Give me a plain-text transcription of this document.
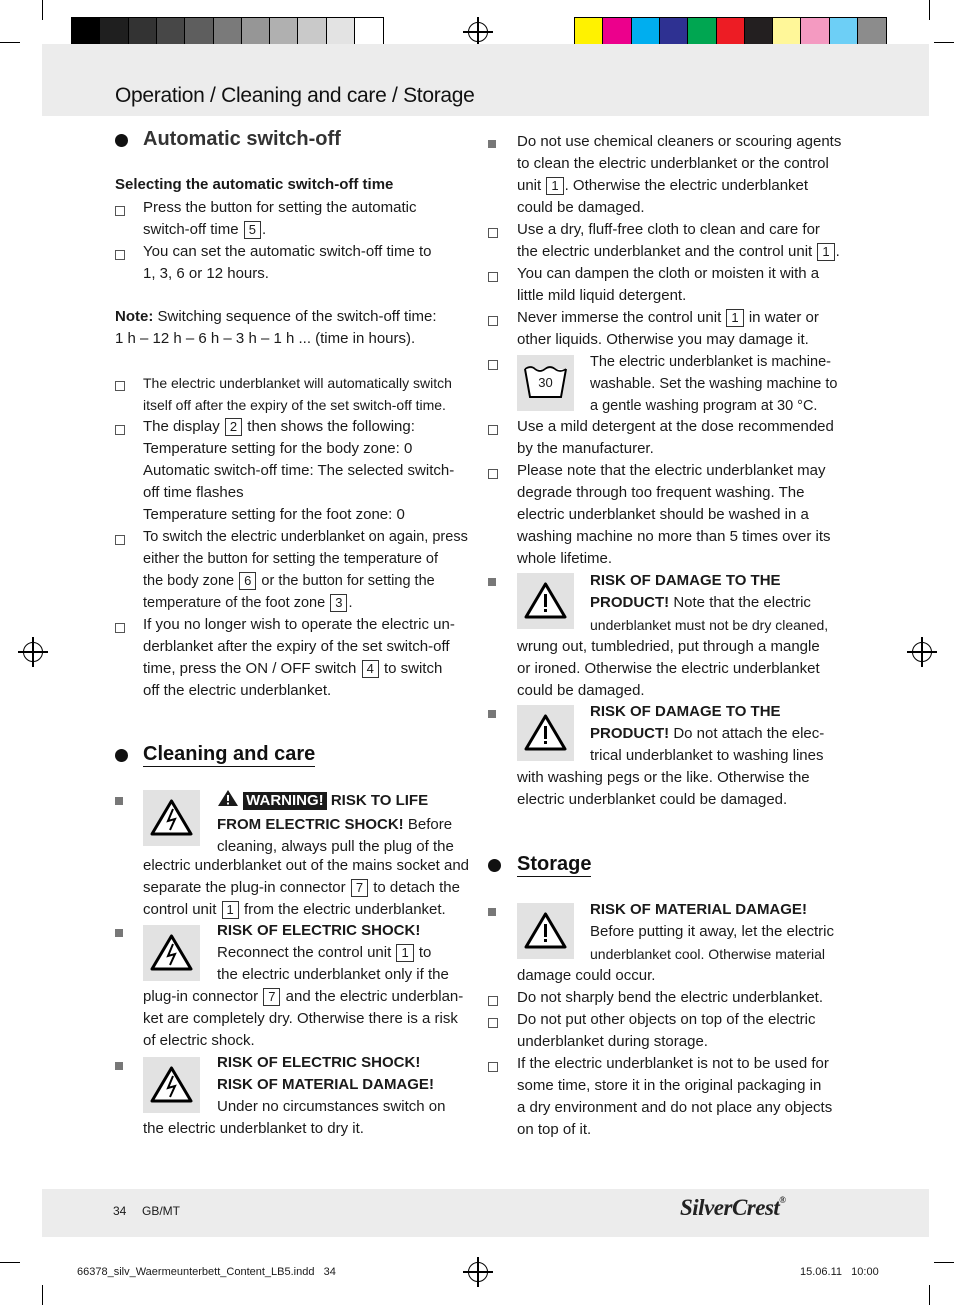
Operation / Cleaning and care / Storage
Automatic switch-off
Selecting the automatic switch-off time
Press the button for setting the automatic
switch-off time 5 .
You can set the automatic switch-off time to
1, 3, 6 or 12 hours.
Note: Switching sequence of the switch-off time:
1 h – 12 h – 6 h – 3 h – 1 h ... (time in hours).
The electric underblanket will automatically switch
itself off after the expiry of the set switch-off time.
The display 2 then shows the following:
Temperature setting for the body zone: 0
Automatic switch-off time: The selected switch-
off time flashes
Temperature setting for the foot zone: 0
To switch the electric underblanket on again, press
either the button for setting the temperature of
the body zone 6 or the button for setting the
temperature of the foot zone 3 .
If you no longer wish to operate the electric un-
derblanket after the expiry of the set switch-off
time, press the ON / OFF switch 4 to switch
off the electric underblanket.
Cleaning and care
WARNING! RISK TO LIFE
FROM ELECTRIC SHOCK! Before
cleaning, always pull the plug of the
electric underblanket out of the mains socket and
separate the plug-in connector 7 to detach the
control unit 1 from the electric underblanket.
RISK OF ELECTRIC SHOCK!
Reconnect the control unit 1 to
the electric underblanket only if the
plug-in connector 7 and the electric underblan-
ket are completely dry. Otherwise there is a risk
of electric shock.
RISK OF ELECTRIC SHOCK!
RISK OF MATERIAL DAMAGE!
Under no circumstances switch on
the electric underblanket to dry it.
Do not use chemical cleaners or scouring agents
to clean the electric underblanket or the control
unit 1 . Otherwise the electric underblanket
could be damaged.
Use a dry, fluff-free cloth to clean and care for
the electric underblanket and the control unit 1 .
You can dampen the cloth or moisten it with a
little mild liquid detergent.
Never immerse the control unit 1 in water or
other liquids. Otherwise you may damage it.
30
The electric underblanket is machine-
washable. Set the washing machine to
a gentle washing program at 30 °C.
Use a mild detergent at the dose recommended
by the manufacturer.
Please note that the electric underblanket may
degrade through too frequent washing. The
electric underblanket should be washed in a
washing machine no more than 5 times over its
whole lifetime.
RISK OF DAMAGE TO THE
PRODUCT! Note that the electric
underblanket must not be dry cleaned,
wrung out, tumbledried, put through a mangle
or ironed. Otherwise the electric underblanket
could be damaged.
RISK OF DAMAGE TO THE
PRODUCT! Do not attach the elec-
trical underblanket to washing lines
with washing pegs or the like. Otherwise the
electric underblanket could be damaged.
Storage
RISK OF MATERIAL DAMAGE!
Before putting it away, let the electric
underblanket cool. Otherwise material
damage could occur.
Do not sharply bend the electric underblanket.
Do not put other objects on top of the electric
underblanket during storage.
If the electric underblanket is not to be used for
some time, store it in the original packaging in
a dry environment and do not place any objects
on top of it.
34 GB/MT	SilverCrest®
66378_silv_Waermeunterbett_Content_LB5.indd   34	15.06.11   10:00
